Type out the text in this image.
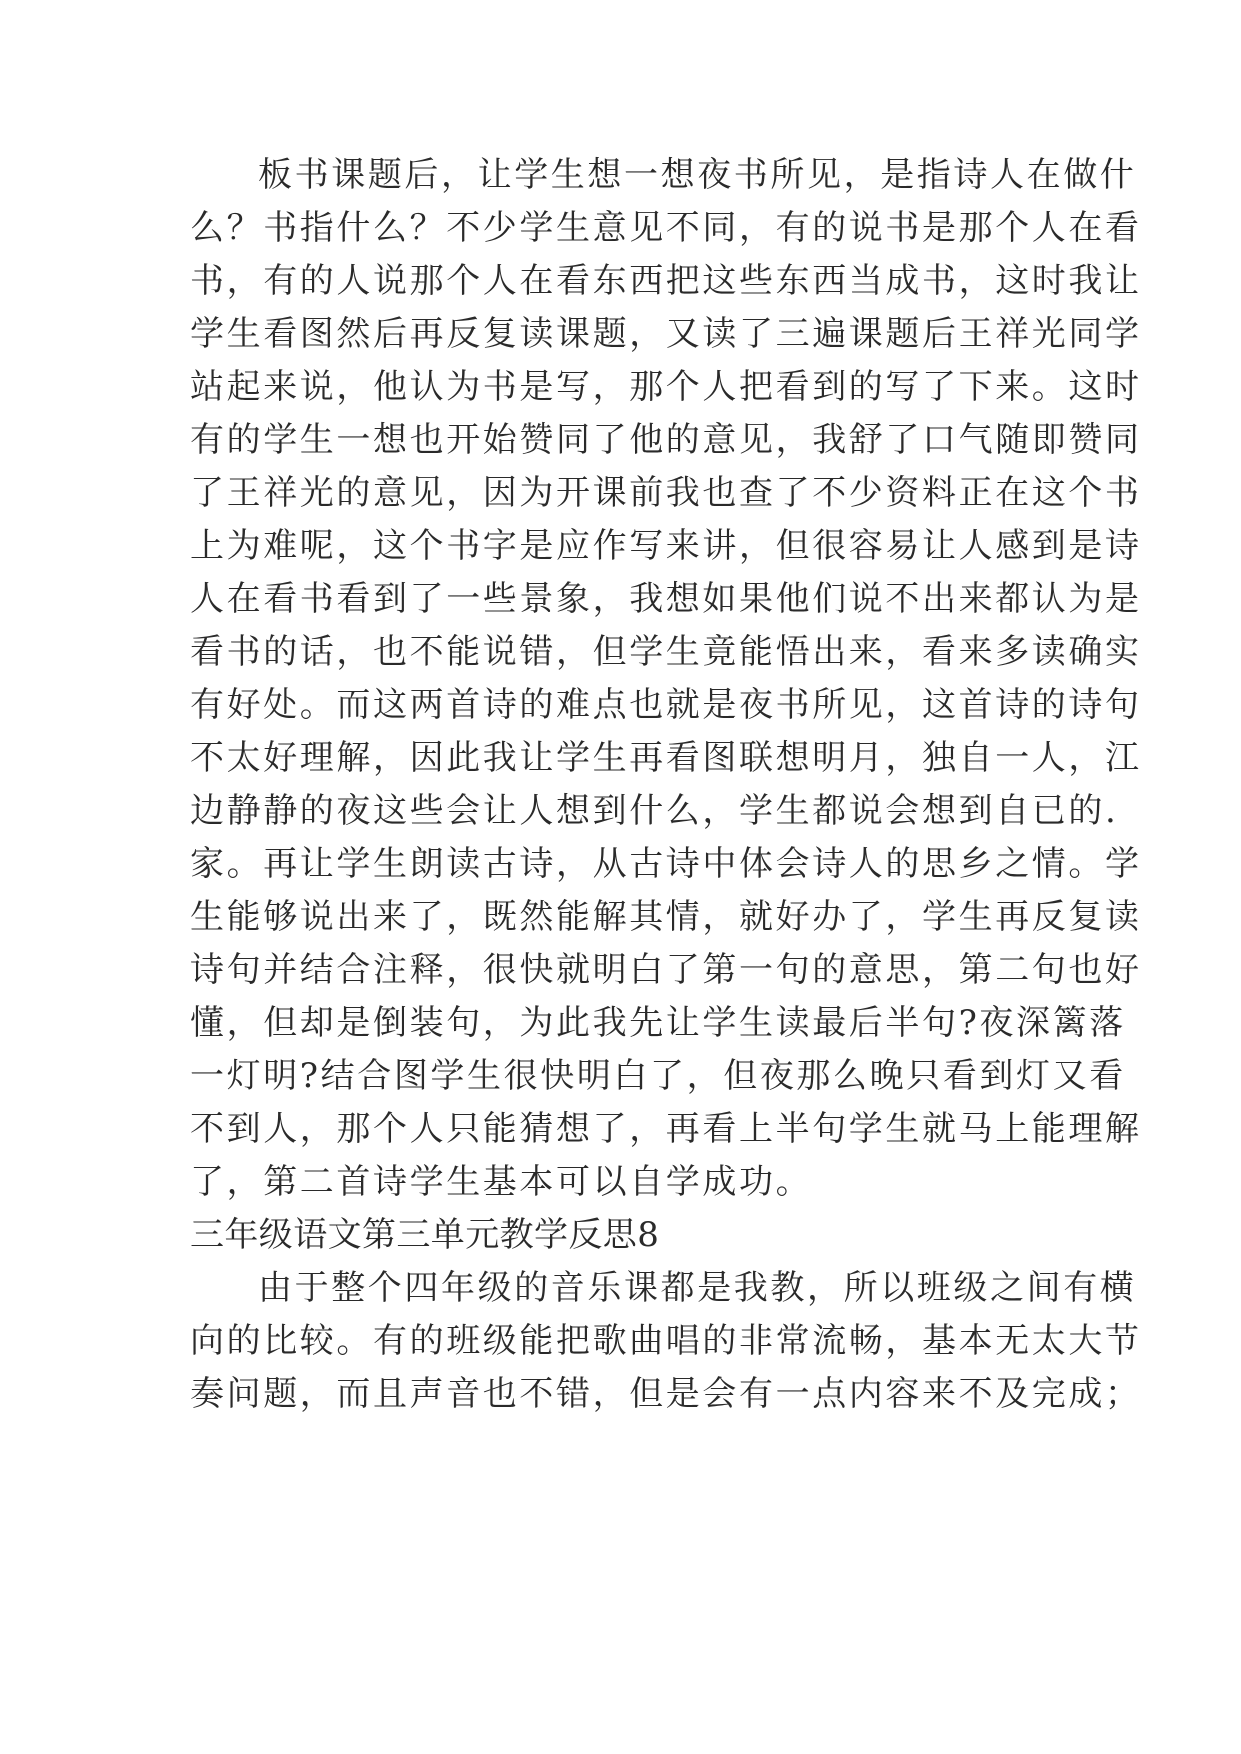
板书课题后，让学生想一想夜书所见，是指诗人在做什
么？书指什么？不少学生意见不同，有的说书是那个人在看
书，有的人说那个人在看东西把这些东西当成书，这时我让
学生看图然后再反复读课题，又读了三遍课题后王祥光同学
站起来说，他认为书是写，那个人把看到的写了下来。这时
有的学生一想也开始赞同了他的意见，我舒了口气随即赞同
了王祥光的意见，因为开课前我也查了不少资料正在这个书
上为难呢，这个书字是应作写来讲，但很容易让人感到是诗
人在看书看到了一些景象，我想如果他们说不出来都认为是
看书的话，也不能说错，但学生竟能悟出来，看来多读确实
有好处。而这两首诗的难点也就是夜书所见，这首诗的诗句
不太好理解，因此我让学生再看图联想明月，独自一人，江
边静静的夜这些会让人想到什么，学生都说会想到自已的.
家。再让学生朗读古诗，从古诗中体会诗人的思乡之情。学
生能够说出来了，既然能解其情，就好办了，学生再反复读
诗句并结合注释，很快就明白了第一句的意思，第二句也好
懂，但却是倒装句，为此我先让学生读最后半句?夜深篱落
一灯明?结合图学生很快明白了，但夜那么晚只看到灯又看
不到人，那个人只能猜想了，再看上半句学生就马上能理解
了，第二首诗学生基本可以自学成功。
三年级语文第三单元教学反思8
由于整个四年级的音乐课都是我教，所以班级之间有横
向的比较。有的班级能把歌曲唱的非常流畅，基本无太大节
奏问题，而且声音也不错，但是会有一点内容来不及完成；
